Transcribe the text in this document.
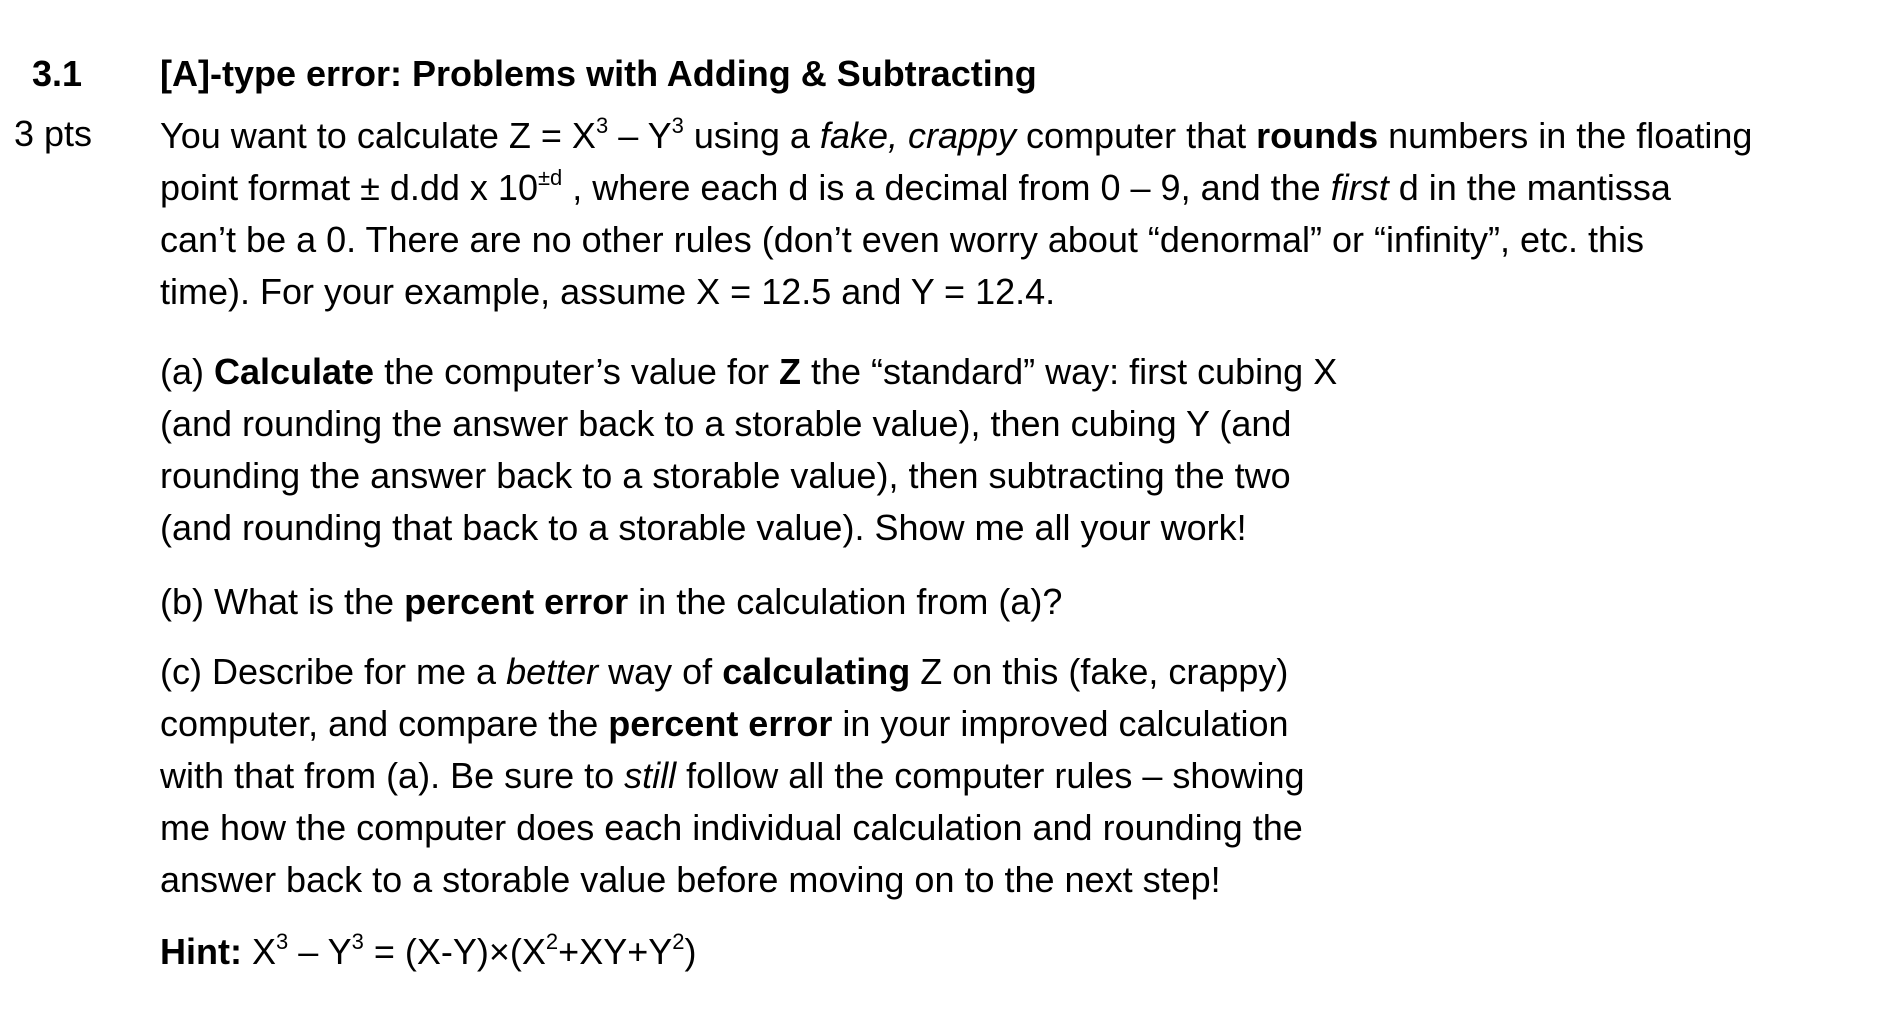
3.1
3 pts
[A]-type error: Problems with Adding & Subtracting
You want to calculate $Z = X^3 - Y^3$ using a fake, crappy computer that rounds numbers in the floating
point format ± d.dd x $10^{\pm d}$ , where each d is a decimal from 0 – 9, and the first d in the mantissa
can’t be a 0. There are no other rules (don’t even worry about “denormal” or “infinity”, etc. this
time). For your example, assume X = 12.5 and Y = 12.4.
(a) Calculate the computer’s value for Z the “standard” way: first cubing X
(and rounding the answer back to a storable value), then cubing Y (and
rounding the answer back to a storable value), then subtracting the two
(and rounding that back to a storable value). Show me all your work!
(b) What is the percent error in the calculation from (a)?
(c) Describe for me a better way of calculating Z on this (fake, crappy)
computer, and compare the percent error in your improved calculation
with that from (a). Be sure to still follow all the computer rules – showing
me how the computer does each individual calculation and rounding the
answer back to a storable value before moving on to the next step!
Hint: $X^3 - Y^3 = (X-Y)\times(X^2+XY+Y^2)$
